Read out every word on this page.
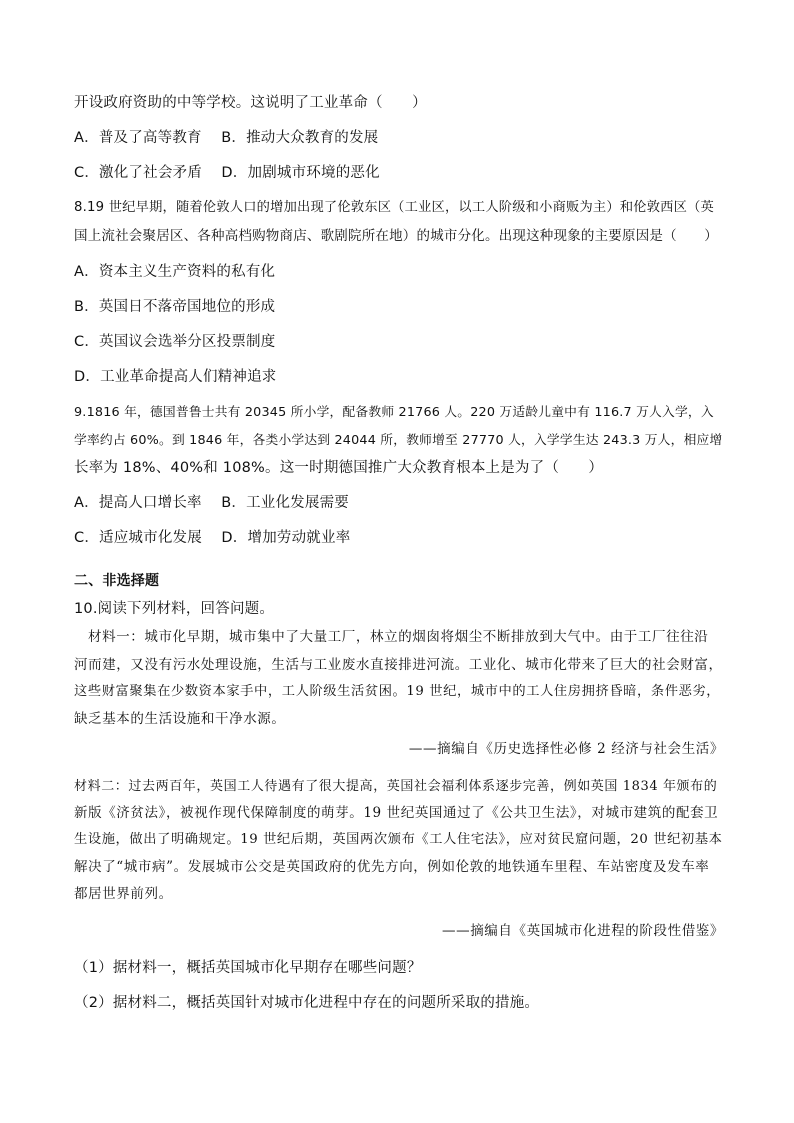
开设政府资助的中等学校。这说明了工业革命（　　）
A．普及了高等教育　 B．推动大众教育的发展
C．激化了社会矛盾　 D．加剧城市环境的恶化
8.19 世纪早期，随着伦敦人口的增加出现了伦敦东区（工业区，以工人阶级和小商贩为主）和伦敦西区（英
国上流社会聚居区、各种高档购物商店、歌剧院所在地）的城市分化。出现这种现象的主要原因是（　　）
A．资本主义生产资料的私有化
B．英国日不落帝国地位的形成
C．英国议会选举分区投票制度
D．工业革命提高人们精神追求
9.1816 年，德国普鲁士共有 20345 所小学，配备教师 21766 人。220 万适龄儿童中有 116.7 万人入学，入
学率约占 60%。到 1846 年，各类小学达到 24044 所，教师增至 27770 人，入学学生达 243.3 万人，相应增
长率为 18%、40%和 108%。这一时期德国推广大众教育根本上是为了（　　）
A．提高人口增长率　 B．工业化发展需要
C．适应城市化发展　 D．增加劳动就业率
二、非选择题
10.阅读下列材料，回答问题。
材料一：城市化早期，城市集中了大量工厂，林立的烟囱将烟尘不断排放到大气中。由于工厂往往沿
河而建，又没有污水处理设施，生活与工业废水直接排进河流。工业化、城市化带来了巨大的社会财富，
这些财富聚集在少数资本家手中，工人阶级生活贫困。19 世纪，城市中的工人住房拥挤昏暗，条件恶劣，
缺乏基本的生活设施和干净水源。
——摘编自《历史选择性必修 2 经济与社会生活》
材料二：过去两百年，英国工人待遇有了很大提高，英国社会福利体系逐步完善，例如英国 1834 年颁布的
新版《济贫法》，被视作现代保障制度的萌芽。19 世纪英国通过了《公共卫生法》，对城市建筑的配套卫
生设施，做出了明确规定。19 世纪后期，英国两次颁布《工人住宅法》，应对贫民窟问题，20 世纪初基本
解决了“城市病”。发展城市公交是英国政府的优先方向，例如伦敦的地铁通车里程、车站密度及发车率
都居世界前列。
——摘编自《英国城市化进程的阶段性借鉴》
（1）据材料一，概括英国城市化早期存在哪些问题？
（2）据材料二，概括英国针对城市化进程中存在的问题所采取的措施。
